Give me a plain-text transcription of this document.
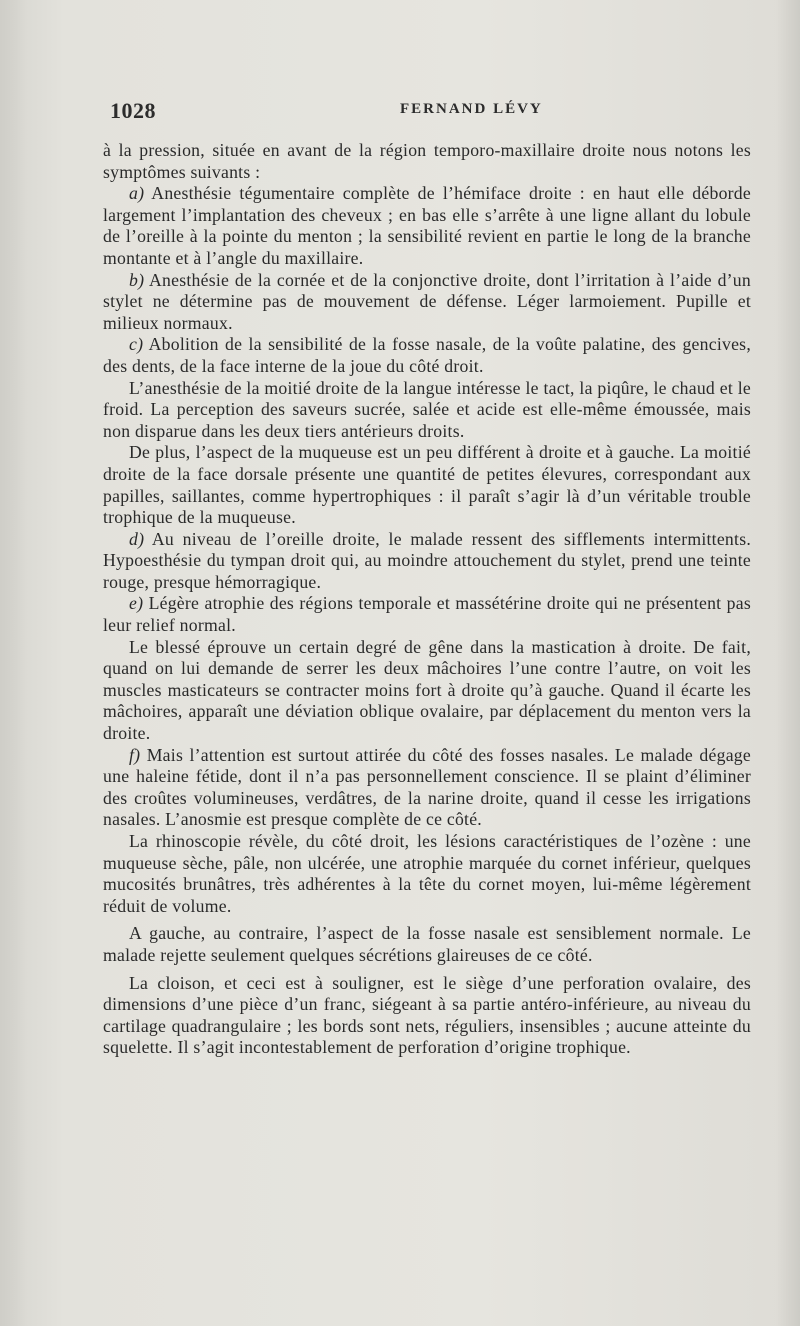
1028	FERNAND LÉVY

à la pression, située en avant de la région temporo-maxillaire droite nous notons les symptômes suivants :

a) Anesthésie tégumentaire complète de l’hémiface droite : en haut elle déborde largement l’implantation des cheveux ; en bas elle s’arrête à une ligne allant du lobule de l’oreille à la pointe du menton ; la sensibilité revient en partie le long de la branche montante et à l’angle du maxillaire.

b) Anesthésie de la cornée et de la conjonctive droite, dont l’irritation à l’aide d’un stylet ne détermine pas de mouvement de défense. Léger larmoiement. Pupille et milieux normaux.

c) Abolition de la sensibilité de la fosse nasale, de la voûte palatine, des gencives, des dents, de la face interne de la joue du côté droit.

L’anesthésie de la moitié droite de la langue intéresse le tact, la piqûre, le chaud et le froid. La perception des saveurs sucrée, salée et acide est elle-même émoussée, mais non disparue dans les deux tiers antérieurs droits.

De plus, l’aspect de la muqueuse est un peu différent à droite et à gauche. La moitié droite de la face dorsale présente une quantité de petites élevures, correspondant aux papilles, saillantes, comme hypertrophiques : il paraît s’agir là d’un véritable trouble trophique de la muqueuse.

d) Au niveau de l’oreille droite, le malade ressent des sifflements intermittents. Hypoesthésie du tympan droit qui, au moindre attouchement du stylet, prend une teinte rouge, presque hémorragique.

e) Légère atrophie des régions temporale et massétérine droite qui ne présentent pas leur relief normal.

Le blessé éprouve un certain degré de gêne dans la mastication à droite. De fait, quand on lui demande de serrer les deux mâchoires l’une contre l’autre, on voit les muscles masticateurs se contracter moins fort à droite qu’à gauche. Quand il écarte les mâchoires, apparaît une déviation oblique ovalaire, par déplacement du menton vers la droite.

f) Mais l’attention est surtout attirée du côté des fosses nasales. Le malade dégage une haleine fétide, dont il n’a pas personnellement conscience. Il se plaint d’éliminer des croûtes volumineuses, verdâtres, de la narine droite, quand il cesse les irrigations nasales. L’anosmie est presque complète de ce côté.

La rhinoscopie révèle, du côté droit, les lésions caractéristiques de l’ozène : une muqueuse sèche, pâle, non ulcérée, une atrophie marquée du cornet inférieur, quelques mucosités brunâtres, très adhérentes à la tête du cornet moyen, lui-même légèrement réduit de volume.

A gauche, au contraire, l’aspect de la fosse nasale est sensiblement normale. Le malade rejette seulement quelques sécrétions glaireuses de ce côté.

La cloison, et ceci est à souligner, est le siège d’une perforation ovalaire, des dimensions d’une pièce d’un franc, siégeant à sa partie antéro-inférieure, au niveau du cartilage quadrangulaire ; les bords sont nets, réguliers, insensibles ; aucune atteinte du squelette. Il s’agit incontestablement de perforation d’origine trophique.
